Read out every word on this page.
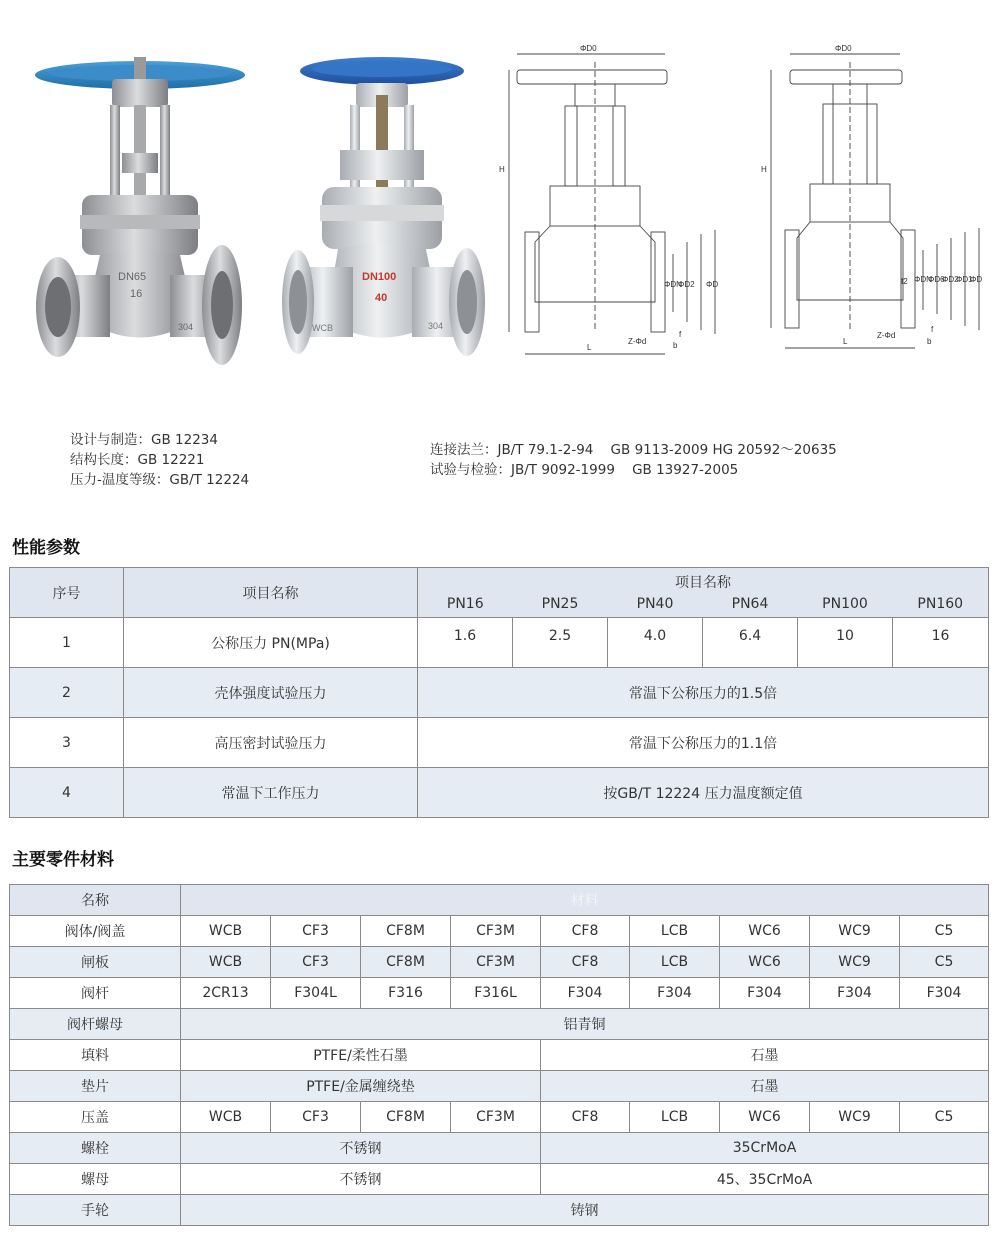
DN65
16
304
DN100
40
WCB	304
ΦD0
H
L
Z-Φd
f
b
ΦDN
ΦD2 ΦD
ΦD0
H
L
Z-Φd
f
b
f2 ΦDN
ΦD6
ΦD2
ΦD1
ΦD
设计与制造：GB 12234
结构长度：GB 12221
压力-温度等级：GB/T 12224
连接法兰：JB/T 79.1-2-94    GB 9113-2009 HG 20592～20635
试验与检验：JB/T 9092-1999    GB 13927-2005
性能参数
序号	项目名称	项目名称					
		PN16	PN25	PN40	PN64	PN100	PN160
1	公称压力 PN(MPa)	1.6	2.5	4.0	6.4	10	16
2	壳体强度试验压力	常温下公称压力的1.5倍					
3	高压密封试验压力	常温下公称压力的1.1倍					
4	常温下工作压力	按GB/T 12224 压力温度额定值					
主要零件材料
名称	材料								
阀体/阀盖	WCB	CF3	CF8M	CF3M	CF8	LCB	WC6	WC9	C5
闸板	WCB	CF3	CF8M	CF3M	CF8	LCB	WC6	WC9	C5
阀杆	2CR13	F304L	F316	F316L	F304	F304	F304	F304	F304
阀杆螺母	铝青铜								
填料	PTFE/柔性石墨				石墨				
垫片	PTFE/金属缠绕垫				石墨				
压盖	WCB	CF3	CF8M	CF3M	CF8	LCB	WC6	WC9	C5
螺栓	不锈钢				35CrMoA				
螺母	不锈钢				45、35CrMoA				
手轮	铸钢								
